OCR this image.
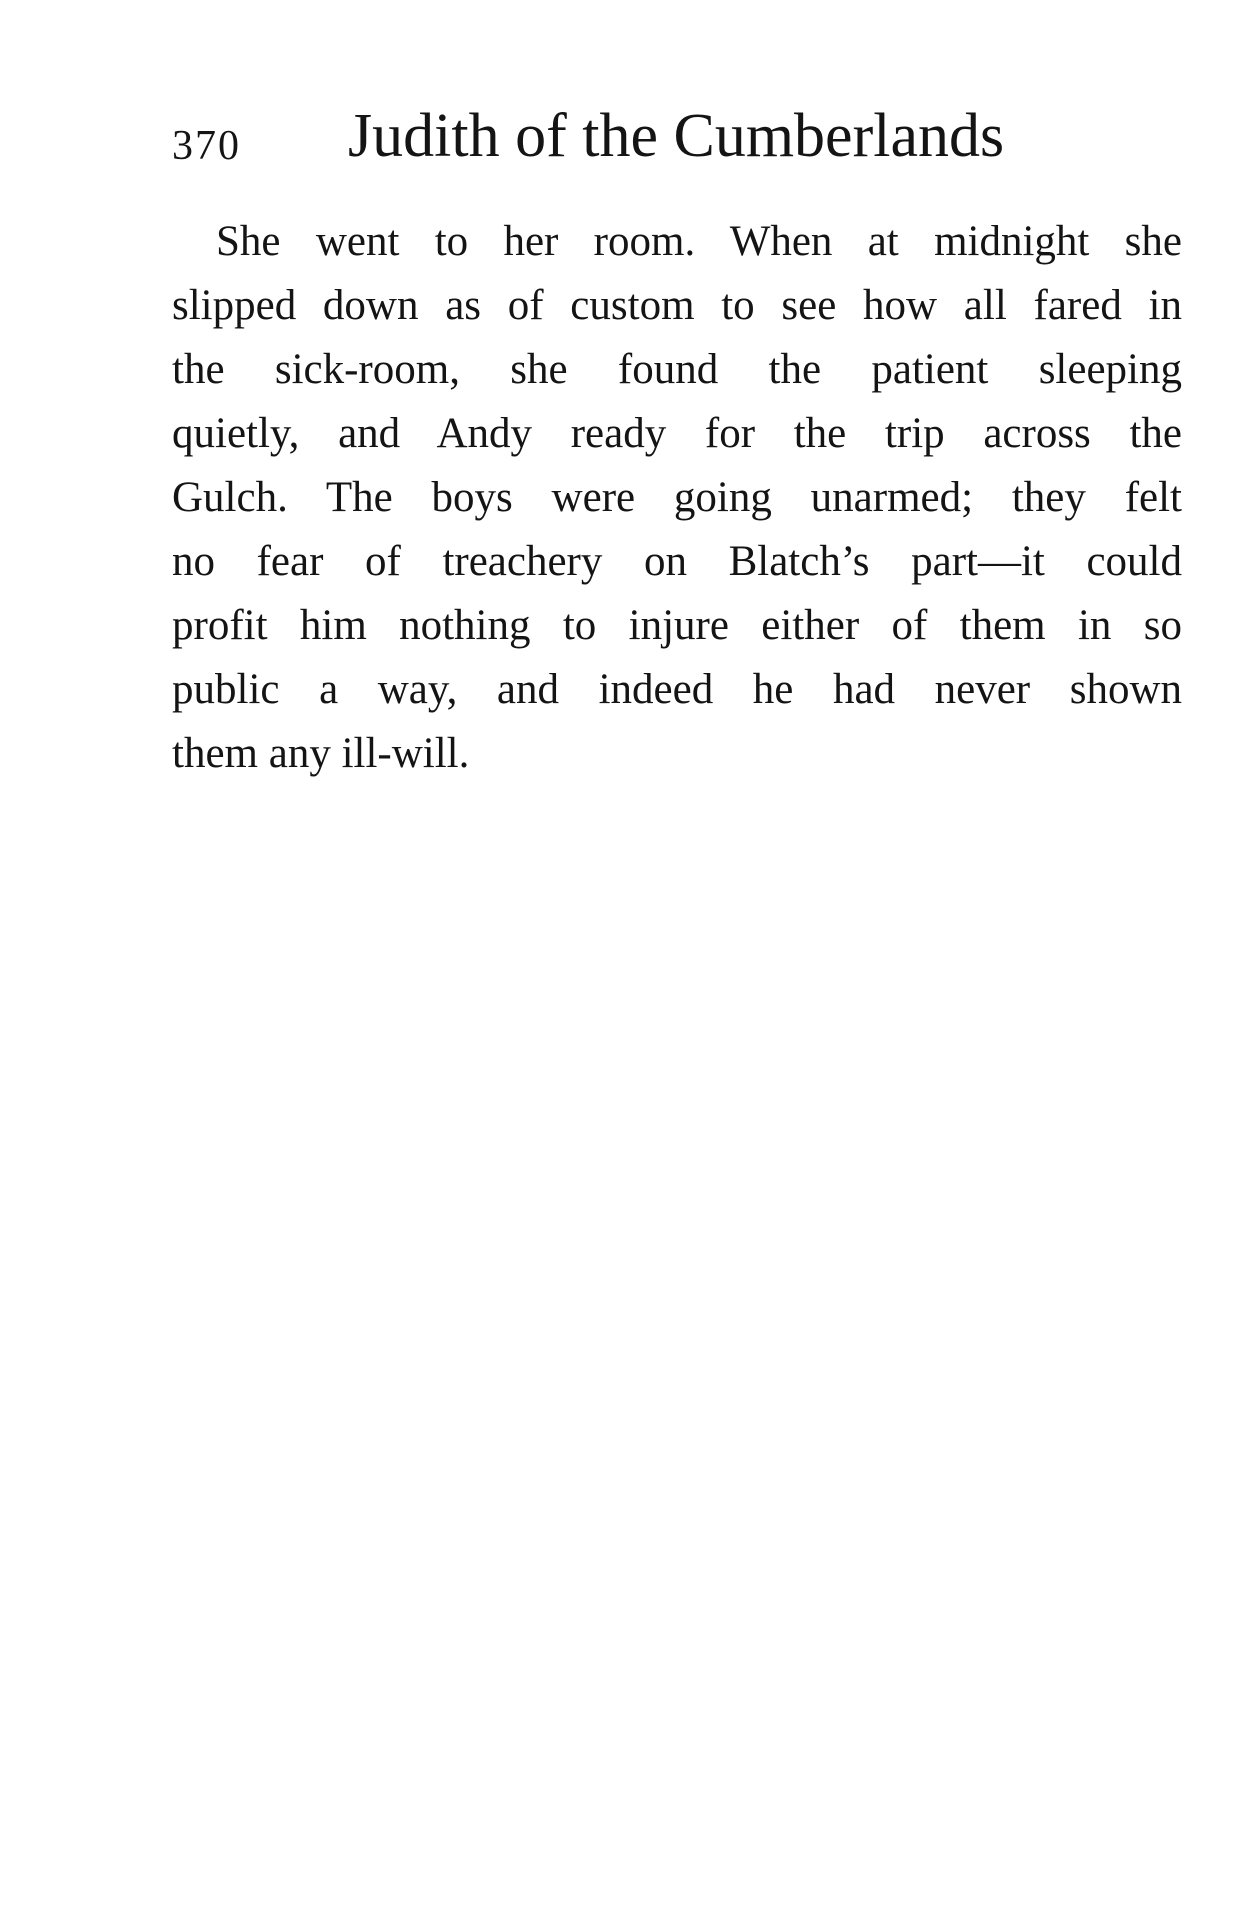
370 Judith of the Cumberlands
She went to her room. When at midnight she
slipped down as of custom to see how all fared in
the sick-room, she found the patient sleeping
quietly, and Andy ready for the trip across the
Gulch. The boys were going unarmed; they felt
no fear of treachery on Blatch’s part—it could
profit him nothing to injure either of them in so
public a way, and indeed he had never shown
them any ill-will.
